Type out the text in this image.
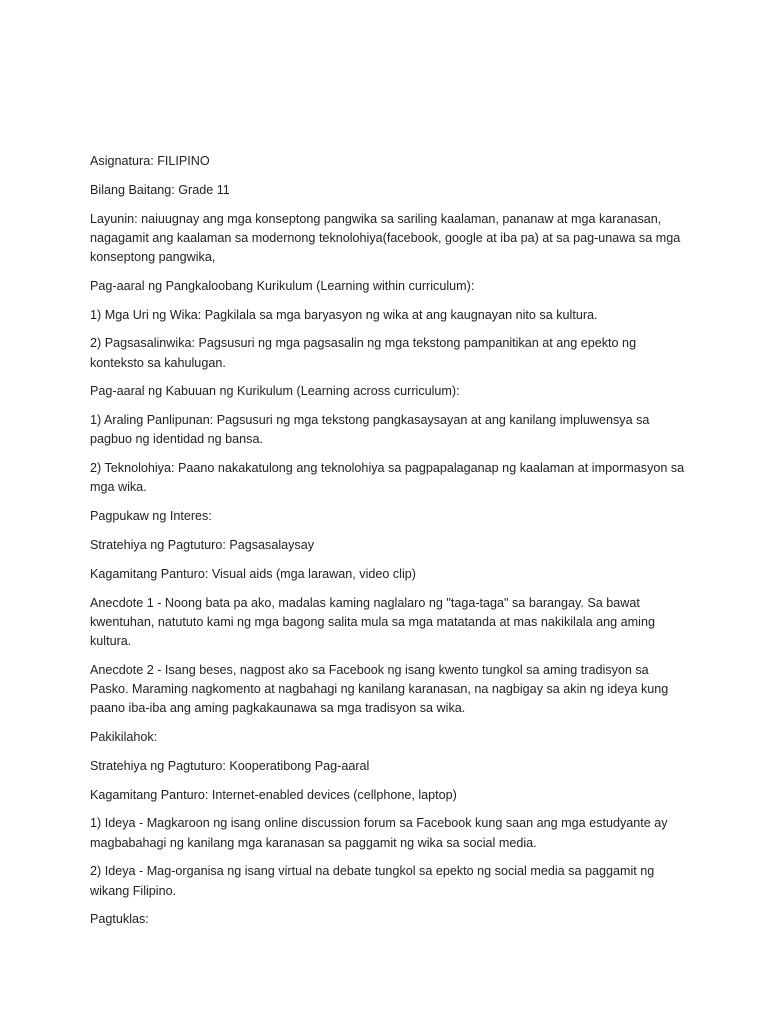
Asignatura: FILIPINO

Bilang Baitang: Grade 11

Layunin: naiuugnay ang mga konseptong pangwika sa sariling kaalaman, pananaw at mga karanasan, nagagamit ang kaalaman sa modernong teknolohiya(facebook, google at iba pa) at sa pag-unawa sa mga konseptong pangwika,

Pag-aaral ng Pangkaloobang Kurikulum (Learning within curriculum):

1) Mga Uri ng Wika: Pagkilala sa mga baryasyon ng wika at ang kaugnayan nito sa kultura.

2) Pagsasalinwika: Pagsusuri ng mga pagsasalin ng mga tekstong pampanitikan at ang epekto ng konteksto sa kahulugan.

Pag-aaral ng Kabuuan ng Kurikulum (Learning across curriculum):

1) Araling Panlipunan: Pagsusuri ng mga tekstong pangkasaysayan at ang kanilang impluwensya sa pagbuo ng identidad ng bansa.

2) Teknolohiya: Paano nakakatulong ang teknolohiya sa pagpapalaganap ng kaalaman at impormasyon sa mga wika.

Pagpukaw ng Interes:

Stratehiya ng Pagtuturo: Pagsasalaysay

Kagamitang Panturo: Visual aids (mga larawan, video clip)

Anecdote 1 - Noong bata pa ako, madalas kaming naglalaro ng "taga-taga" sa barangay. Sa bawat kwentuhan, natututo kami ng mga bagong salita mula sa mga matatanda at mas nakikilala ang aming kultura.

Anecdote 2 - Isang beses, nagpost ako sa Facebook ng isang kwento tungkol sa aming tradisyon sa Pasko. Maraming nagkomento at nagbahagi ng kanilang karanasan, na nagbigay sa akin ng ideya kung paano iba-iba ang aming pagkakaunawa sa mga tradisyon sa wika.

Pakikilahok:

Stratehiya ng Pagtuturo: Kooperatibong Pag-aaral

Kagamitang Panturo: Internet-enabled devices (cellphone, laptop)

1) Ideya - Magkaroon ng isang online discussion forum sa Facebook kung saan ang mga estudyante ay magbabahagi ng kanilang mga karanasan sa paggamit ng wika sa social media.

2) Ideya - Mag-organisa ng isang virtual na debate tungkol sa epekto ng social media sa paggamit ng wikang Filipino.

Pagtuklas:
